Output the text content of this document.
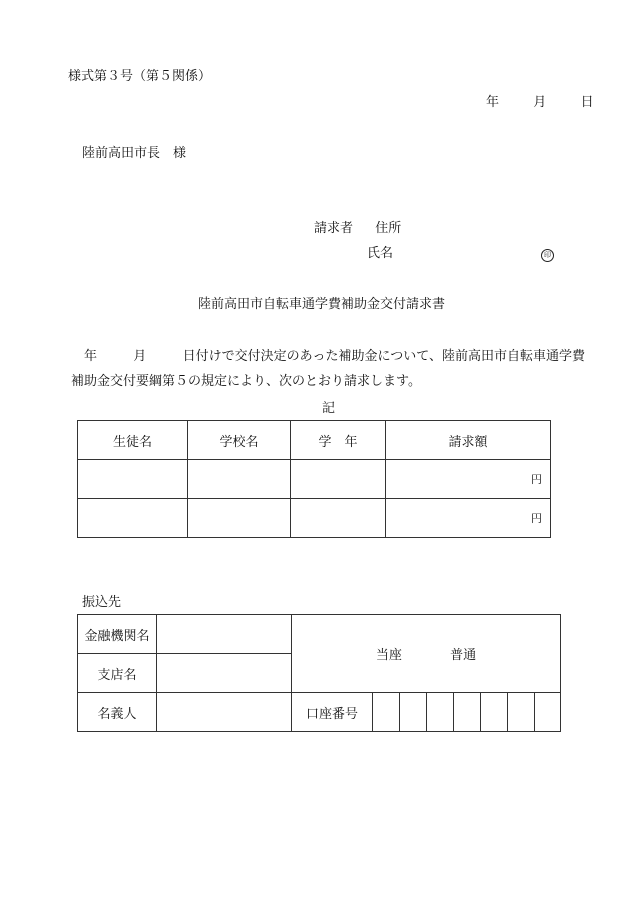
様式第３号（第５関係）
年	月	日
陸前高田市長　様
請求者 住所
氏名	印
陸前高田市自転車通学費補助金交付請求書
年	月	日付けで交付決定のあった補助金について、陸前高田市自転車通学費
補助金交付要綱第５の規定により、次のとおり請求します。
記
生徒名	学校名	学　年	請求額
			円
			円
振込先
金融機関名		当座 普通							
支店名									
名義人		口座番号							
